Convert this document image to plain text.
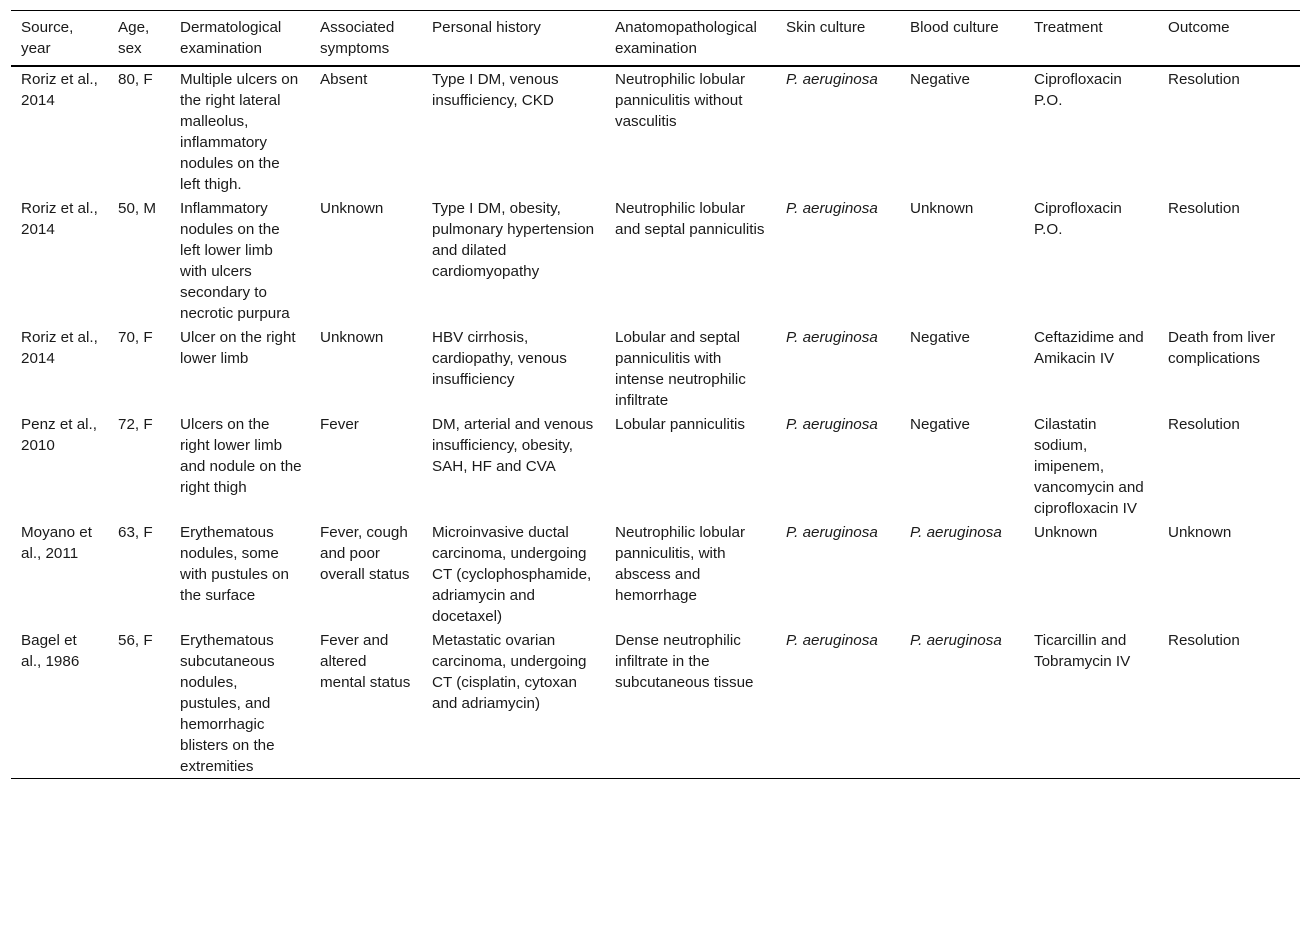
Source, year	Age, sex	Dermatological examination	Associated symptoms	Personal history	Anatomopathological examination	Skin culture	Blood culture	Treatment	Outcome
Roriz et al., 2014	80, F	Multiple ulcers on the right lateral malleolus, inflammatory nodules on the left thigh.	Absent	Type I DM, venous insufficiency, CKD	Neutrophilic lobular panniculitis without vasculitis	P. aeruginosa	Negative	Ciprofloxacin P.O.	Resolution
Roriz et al., 2014	50, M	Inflammatory nodules on the left lower limb with ulcers secondary to necrotic purpura	Unknown	Type I DM, obesity, pulmonary hypertension and dilated cardiomyopathy	Neutrophilic lobular and septal panniculitis	P. aeruginosa	Unknown	Ciprofloxacin P.O.	Resolution
Roriz et al., 2014	70, F	Ulcer on the right lower limb	Unknown	HBV cirrhosis, cardiopathy, venous insufficiency	Lobular and septal panniculitis with intense neutrophilic infiltrate	P. aeruginosa	Negative	Ceftazidime and Amikacin IV	Death from liver complications
Penz et al., 2010	72, F	Ulcers on the right lower limb and nodule on the right thigh	Fever	DM, arterial and venous insufficiency, obesity, SAH, HF and CVA	Lobular panniculitis	P. aeruginosa	Negative	Cilastatin sodium, imipenem, vancomycin and ciprofloxacin IV	Resolution
Moyano et al., 2011	63, F	Erythematous nodules, some with pustules on the surface	Fever, cough and poor overall status	Microinvasive ductal carcinoma, undergoing CT (cyclophosphamide, adriamycin and docetaxel)	Neutrophilic lobular panniculitis, with abscess and hemorrhage	P. aeruginosa	P. aeruginosa	Unknown	Unknown
Bagel et al., 1986	56, F	Erythematous subcutaneous nodules, pustules, and hemorrhagic blisters on the extremities	Fever and altered mental status	Metastatic ovarian carcinoma, undergoing CT (cisplatin, cytoxan and adriamycin)	Dense neutrophilic infiltrate in the subcutaneous tissue	P. aeruginosa	P. aeruginosa	Ticarcillin and Tobramycin IV	Resolution
